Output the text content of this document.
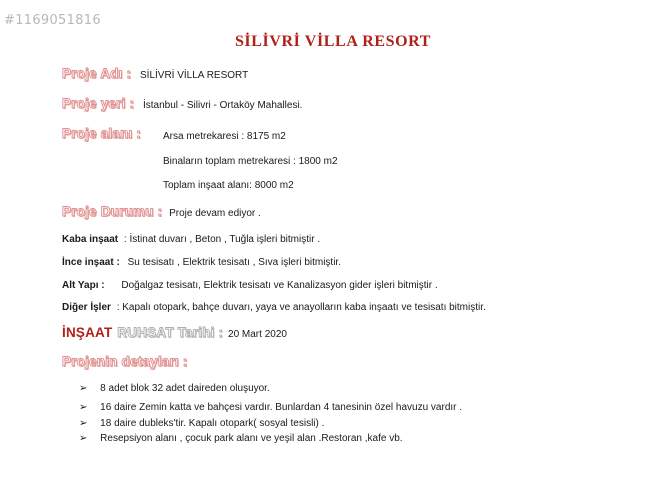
#1169051816
SİLİVRİ VİLLA RESORT
Proje Adı : SİLİVRİ VİLLA RESORT
Proje yeri : İstanbul - Silivri - Ortaköy Mahallesi.
Proje alanı : Arsa metrekaresi : 8175 m2
Binaların toplam metrekaresi : 1800 m2
Toplam inşaat alanı: 8000 m2
Proje Durumu : Proje devam ediyor .
Kaba inşaat : İstinat duvarı , Beton , Tuğla işleri bitmiştir .
İnce inşaat : Su tesisatı , Elektrik tesisatı , Sıva işleri bitmiştir.
Alt Yapı : Doğalgaz tesisatı, Elektrik tesisatı ve Kanalizasyon gider işleri bitmiştir .
Diğer İşler : Kapalı otopark, bahçe duvarı, yaya ve anayolların kaba inşaatı ve tesisatı bitmiştir.
İNŞAAT RUHSAT Tarihi : 20 Mart 2020
Projenin detayları :
➢ 8 adet blok 32 adet daireden oluşuyor.
➢ 16 daire Zemin katta ve bahçesi vardır. Bunlardan 4 tanesinin özel havuzu vardır .
➢ 18 daire dubleks'tir. Kapalı otopark( sosyal tesisli) .
➢ Resepsiyon alanı , çocuk park alanı ve yeşil alan .Restoran ,kafe vb.
